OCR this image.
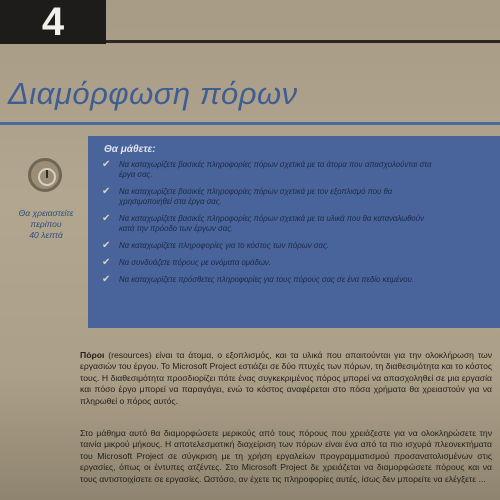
4
Διαμόρφωση πόρων
Θα χρειαστείτε
περίπου
40 λεπτά

Θα μάθετε:

✔ Να καταχωρίζετε βασικές πληροφορίες πόρων σχετικά με τα άτομα που απασχολούνται στα έργα σας.
✔ Να καταχωρίζετε βασικές πληροφορίες πόρων σχετικά με τον εξοπλισμό που θα χρησιμοποιηθεί στα έργα σας.
✔ Να καταχωρίζετε βασικές πληροφορίες πόρων σχετικά με τα υλικά που θα καταναλωθούν κατά την πρόοδο των έργων σας.
✔ Να καταχωρίζετε πληροφορίες για το κόστος των πόρων σας.
✔ Να συνδυάζετε πόρους με ονόματα ομάδων.
✔ Να καταχωρίζετε πρόσθετες πληροφορίες για τους πόρους σας σε ένα πεδίο κειμένου.

Πόροι (resources) είναι τα άτομα, ο εξοπλισμός, και τα υλικά που απαιτούνται για την ολοκλήρωση των εργασιών του έργου. Το Microsoft Project εστιάζει σε δύο πτυχές των πόρων, τη διαθεσιμότητα και το κόστος τους. Η διαθεσιμότητα προσδιορίζει πότε ένας συγκεκριμένος πόρος μπορεί να απασχοληθεί σε μια εργασία και πόσο έργο μπορεί να παραγάγει, ενώ το κόστος αναφέρεται στο πόσα χρήματα θα χρειαστούν για να πληρωθεί ο πόρος αυτός.

Στο μάθημα αυτό θα διαμορφώσετε μερικούς από τους πόρους που χρειάζεστε για να ολοκληρώσετε την ταινία μικρού μήκους. Η αποτελεσματική διαχείριση των πόρων είναι ένα από τα πιο ισχυρά πλεονεκτήματα του Microsoft Project σε σύγκριση με τη χρήση εργαλείων προγραμματισμού προσανατολισμένων στις εργασίες, όπως οι έντυπες ατζέντες. Στο Microsoft Project δε χρειάζεται να διαμορφώσετε πόρους και να τους αντιστοιχίσετε σε εργασίες. Ωστόσο, αν έχετε τις πληροφορίες αυτές, ίσως δεν μπορείτε να ελέγξετε ...
